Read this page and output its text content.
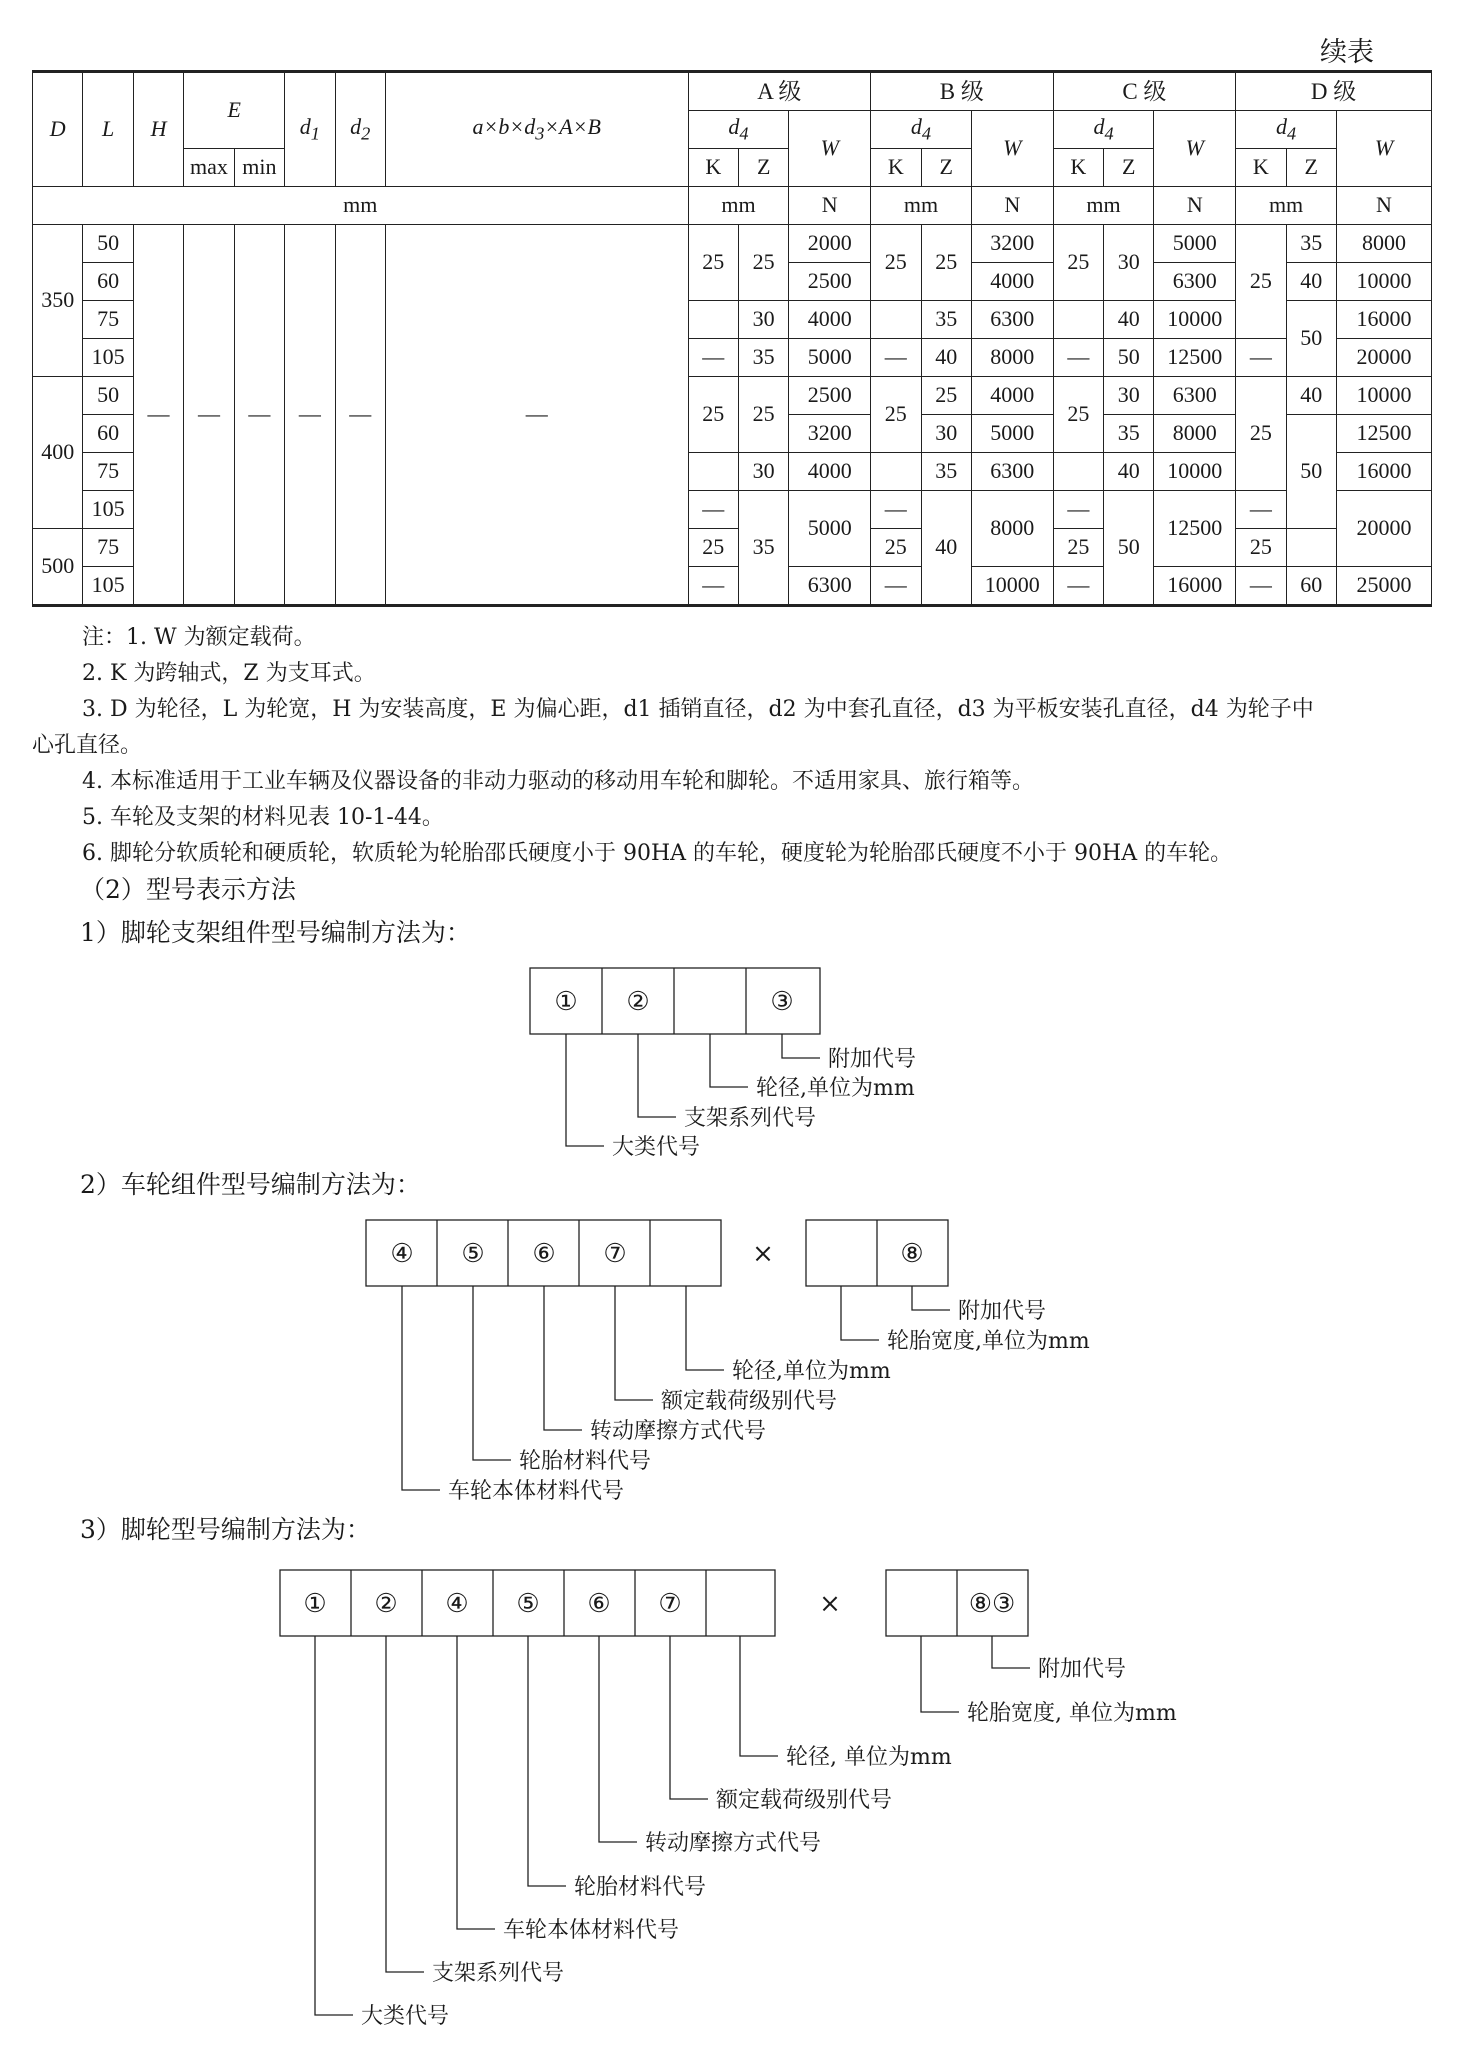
续表
D	L	H	E		$d_1$	$d_2$	$a\times b\times d_3\times A\times B$	A 级			B 级			C 级			D 级		
								$d_4$		W	$d_4$		W	$d_4$		W	$d_4$		W
			max	min				K	Z		K	Z		K	Z		K	Z	
mm								mm		N	mm		N	mm		N	mm		N
350	50	—	—	—	—	—	—	25	25	2000	25	25	3200	25	30	5000	25	35	8000
	60									2500			4000			6300		40	10000
	75								30	4000		35	6300		40	10000		50	16000
	105							—	35	5000	—	40	8000	—	50	12500	—		20000
400	50							25	25	2500	25	25	4000	25	30	6300	25	40	10000
	60									3200		30	5000		35	8000		50	12500
	75								30	4000		35	6300		40	10000			16000
	105							—	35	5000	—	40	8000	—	50	12500	—		20000
500	75							25			25			25			25		
	105							—		6300	—		10000	—		16000	—	60	25000

注：1. W 为额定载荷。

2. K 为跨轴式，Z 为支耳式。

3. D 为轮径，L 为轮宽，H 为安装高度，E 为偏心距，d1 插销直径，d2 为中套孔直径，d3 为平板安装孔直径，d4 为轮子中

心孔直径。

4. 本标准适用于工业车辆及仪器设备的非动力驱动的移动用车轮和脚轮。不适用家具、旅行箱等。

5. 车轮及支架的材料见表 10-1-44。

6. 脚轮分软质轮和硬质轮，软质轮为轮胎邵氏硬度小于 90HA 的车轮，硬度轮为轮胎邵氏硬度不小于 90HA 的车轮。

（2）型号表示方法
1）脚轮支架组件型号编制方法为：
2）车轮组件型号编制方法为：
3）脚轮型号编制方法为：
① ②	③
附加代号
轮径,单位为mm
支架系列代号
大类代号
④ ⑤ ⑥ ⑦	×	⑧
附加代号
轮胎宽度,单位为mm
轮径,单位为mm
额定载荷级别代号
转动摩擦方式代号
轮胎材料代号
车轮本体材料代号
① ② ④ ⑤ ⑥ ⑦	×	⑧③
附加代号
轮胎宽度, 单位为mm
轮径, 单位为mm
额定载荷级别代号
转动摩擦方式代号
轮胎材料代号
车轮本体材料代号
支架系列代号
大类代号
